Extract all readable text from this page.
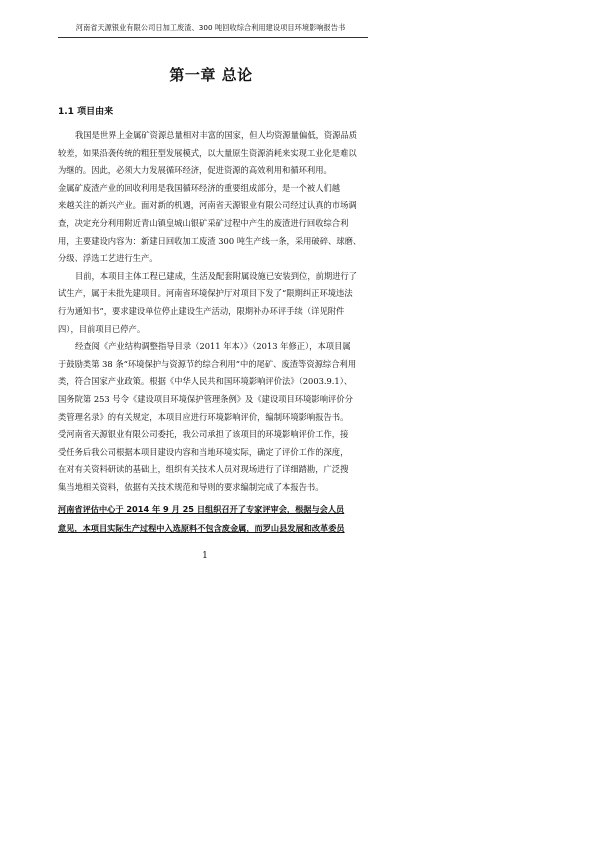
河南省天源银业有限公司日加工废渣、300 吨回收综合利用建设项目环境影响报告书
第一章 总论
1.1 项目由来
我国是世界上金属矿资源总量相对丰富的国家，但人均资源量偏低，资源品质
较差，如果沿袭传统的粗狂型发展模式，以大量原生资源消耗来实现工业化是难以
为继的。因此，必须大力发展循环经济，促进资源的高效利用和循环利用。
金属矿废渣产业的回收利用是我国循环经济的重要组成部分，是一个被人们越
来越关注的新兴产业。面对新的机遇，河南省天源银业有限公司经过认真的市场调
查，决定充分利用附近青山镇皇城山银矿采矿过程中产生的废渣进行回收综合利
用，主要建设内容为：新建日回收加工废渣 300 吨生产线一条，采用破碎、球磨、
分级、浮选工艺进行生产。
目前，本项目主体工程已建成，生活及配套附属设施已安装到位，前期进行了
试生产，属于未批先建项目。河南省环境保护厅对项目下发了“限期纠正环境违法
行为通知书”，要求建设单位停止建设生产活动，限期补办环评手续（详见附件
四），目前项目已停产。
经查阅《产业结构调整指导目录（2011 年本）》（2013 年修正），本项目属
于鼓励类第 38 条“环境保护与资源节约综合利用”中的尾矿、废渣等资源综合利用
类，符合国家产业政策。根据《中华人民共和国环境影响评价法》（2003.9.1）、
国务院第 253 号令《建设项目环境保护管理条例》及《建设项目环境影响评价分
类管理名录》的有关规定，本项目应进行环境影响评价，编制环境影响报告书。
受河南省天源银业有限公司委托，我公司承担了该项目的环境影响评价工作，接
受任务后我公司根据本项目建设内容和当地环境实际，确定了评价工作的深度，
在对有关资料研读的基础上，组织有关技术人员对现场进行了详细踏勘，广泛搜
集当地相关资料，依据有关技术规范和导则的要求编制完成了本报告书。
河南省评估中心于 2014 年 9 月 25 日组织召开了专家评审会，根据与会人员
意见，本项目实际生产过程中入选原料不包含废金属，而罗山县发展和改革委员
1
